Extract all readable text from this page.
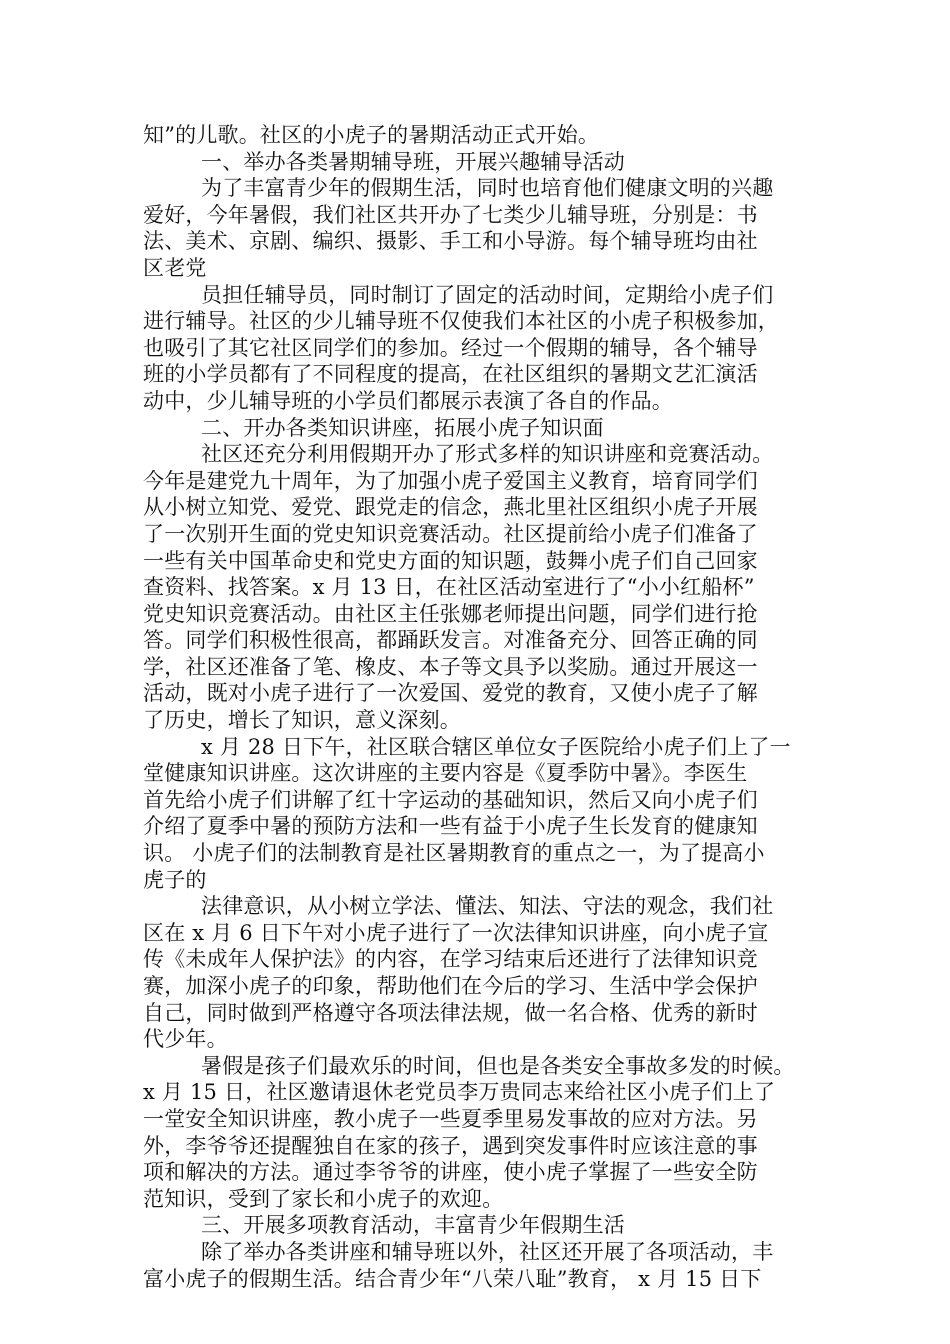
知”的儿歌。社区的小虎子的暑期活动正式开始。
一、举办各类暑期辅导班，开展兴趣辅导活动
为了丰富青少年的假期生活，同时也培育他们健康文明的兴趣
爱好，今年暑假，我们社区共开办了七类少儿辅导班，分别是：书
法、美术、京剧、编织、摄影、手工和小导游。每个辅导班均由社
区老党
员担任辅导员，同时制订了固定的活动时间，定期给小虎子们
进行辅导。社区的少儿辅导班不仅使我们本社区的小虎子积极参加，
也吸引了其它社区同学们的参加。经过一个假期的辅导，各个辅导
班的小学员都有了不同程度的提高，在社区组织的暑期文艺汇演活
动中，少儿辅导班的小学员们都展示表演了各自的作品。
二、开办各类知识讲座，拓展小虎子知识面
社区还充分利用假期开办了形式多样的知识讲座和竞赛活动。
今年是建党九十周年，为了加强小虎子爱国主义教育，培育同学们
从小树立知党、爱党、跟党走的信念，燕北里社区组织小虎子开展
了一次别开生面的党史知识竞赛活动。社区提前给小虎子们准备了
一些有关中国革命史和党史方面的知识题，鼓舞小虎子们自己回家
查资料、找答案。x 月 13 日，在社区活动室进行了“小小红船杯”
党史知识竞赛活动。由社区主任张娜老师提出问题，同学们进行抢
答。同学们积极性很高，都踊跃发言。对准备充分、回答正确的同
学，社区还准备了笔、橡皮、本子等文具予以奖励。通过开展这一
活动，既对小虎子进行了一次爱国、爱党的教育，又使小虎子了解
了历史，增长了知识，意义深刻。
x 月 28 日下午，社区联合辖区单位女子医院给小虎子们上了一
堂健康知识讲座。这次讲座的主要内容是《夏季防中暑》。李医生
首先给小虎子们讲解了红十字运动的基础知识，然后又向小虎子们
介绍了夏季中暑的预防方法和一些有益于小虎子生长发育的健康知
识。 小虎子们的法制教育是社区暑期教育的重点之一，为了提高小
虎子的
法律意识，从小树立学法、懂法、知法、守法的观念，我们社
区在 x 月 6 日下午对小虎子进行了一次法律知识讲座，向小虎子宣
传《未成年人保护法》的内容，在学习结束后还进行了法律知识竞
赛，加深小虎子的印象，帮助他们在今后的学习、生活中学会保护
自己，同时做到严格遵守各项法律法规，做一名合格、优秀的新时
代少年。
暑假是孩子们最欢乐的时间，但也是各类安全事故多发的时候。
x 月 15 日，社区邀请退休老党员李万贵同志来给社区小虎子们上了
一堂安全知识讲座，教小虎子一些夏季里易发事故的应对方法。另
外，李爷爷还提醒独自在家的孩子，遇到突发事件时应该注意的事
项和解决的方法。通过李爷爷的讲座，使小虎子掌握了一些安全防
范知识，受到了家长和小虎子的欢迎。
三、开展多项教育活动，丰富青少年假期生活
除了举办各类讲座和辅导班以外，社区还开展了各项活动，丰
富小虎子的假期生活。结合青少年“八荣八耻”教育， x 月 15 日下
